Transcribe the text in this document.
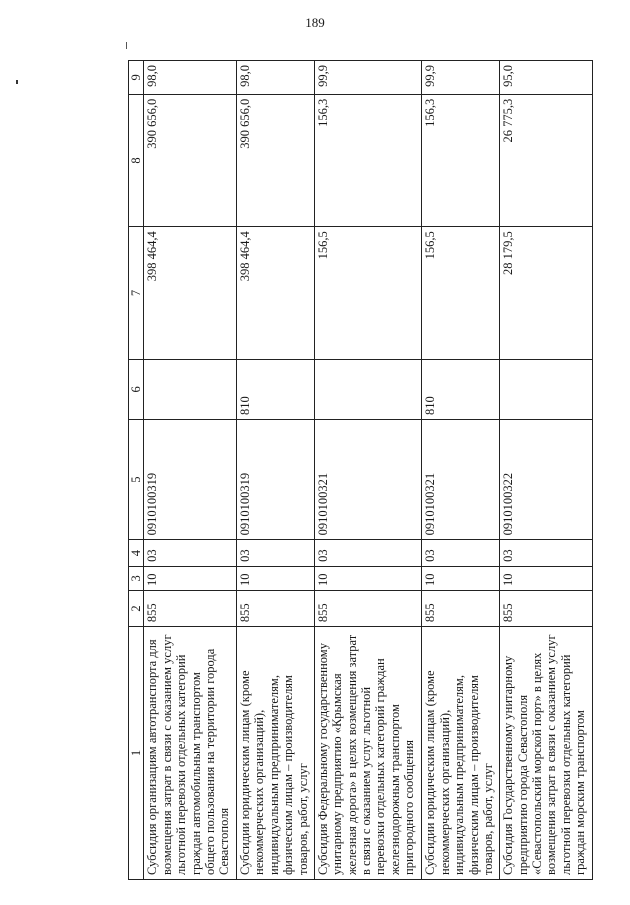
189
1	2	3	4	5	6	7	8	9
Субсидия организациям автотранспорта для возмещения затрат в связи с оказанием услуг льготной перевозки отдельных категорий граждан автомобильным транспортом общего пользования на территории города Севастополя	855	10	03	0910100319		398 464,4	390 656,0	98,0
Субсидии юридическим лицам (кроме некоммерческих организаций), индивидуальным предпринимателям, физическим лицам – производителям товаров, работ, услуг	855	10	03	0910100319	810	398 464,4	390 656,0	98,0
Субсидия Федеральному государственному унитарному предприятию «Крымская железная дорога» в целях возмещения затрат в связи с оказанием услуг льготной перевозки отдельных категорий граждан железнодорожным транспортом пригородного сообщения	855	10	03	0910100321		156,5	156,3	99,9
Субсидии юридическим лицам (кроме некоммерческих организаций), индивидуальным предпринимателям, физическим лицам – производителям товаров, работ, услуг	855	10	03	0910100321	810	156,5	156,3	99,9
Субсидия Государственному унитарному предприятию города Севастополя «Севастопольский морской порт» в целях возмещения затрат в связи с оказанием услуг льготной перевозки отдельных категорий граждан морским транспортом	855	10	03	0910100322		28 179,5	26 775,3	95,0
